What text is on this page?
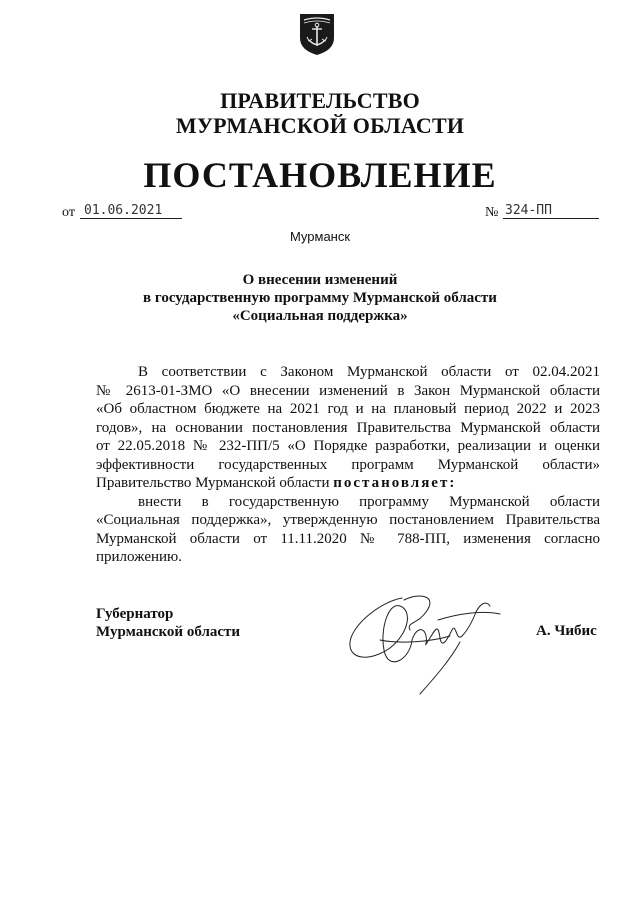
ПРАВИТЕЛЬСТВО
МУРМАНСКОЙ ОБЛАСТИ
ПОСТАНОВЛЕНИЕ
от 01.06.2021	№ 324-ПП
Мурманск
О внесении изменений
в государственную программу Мурманской области
«Социальная поддержка»
В соответствии с Законом Мурманской области от 02.04.2021
№ 2613-01-ЗМО «О внесении изменений в Закон Мурманской области
«Об областном бюджете на 2021 год и на плановый период 2022 и 2023
годов», на основании постановления Правительства Мурманской области
от 22.05.2018 № 232-ПП/5 «О Порядке разработки, реализации и оценки
эффективности государственных программ Мурманской области»
Правительство Мурманской области постановляет:
внести в государственную программу Мурманской области
«Социальная поддержка», утвержденную постановлением Правительства
Мурманской области от 11.11.2020 № 788-ПП, изменения согласно
приложению.
Губернатор
Мурманской области	А. Чибис
